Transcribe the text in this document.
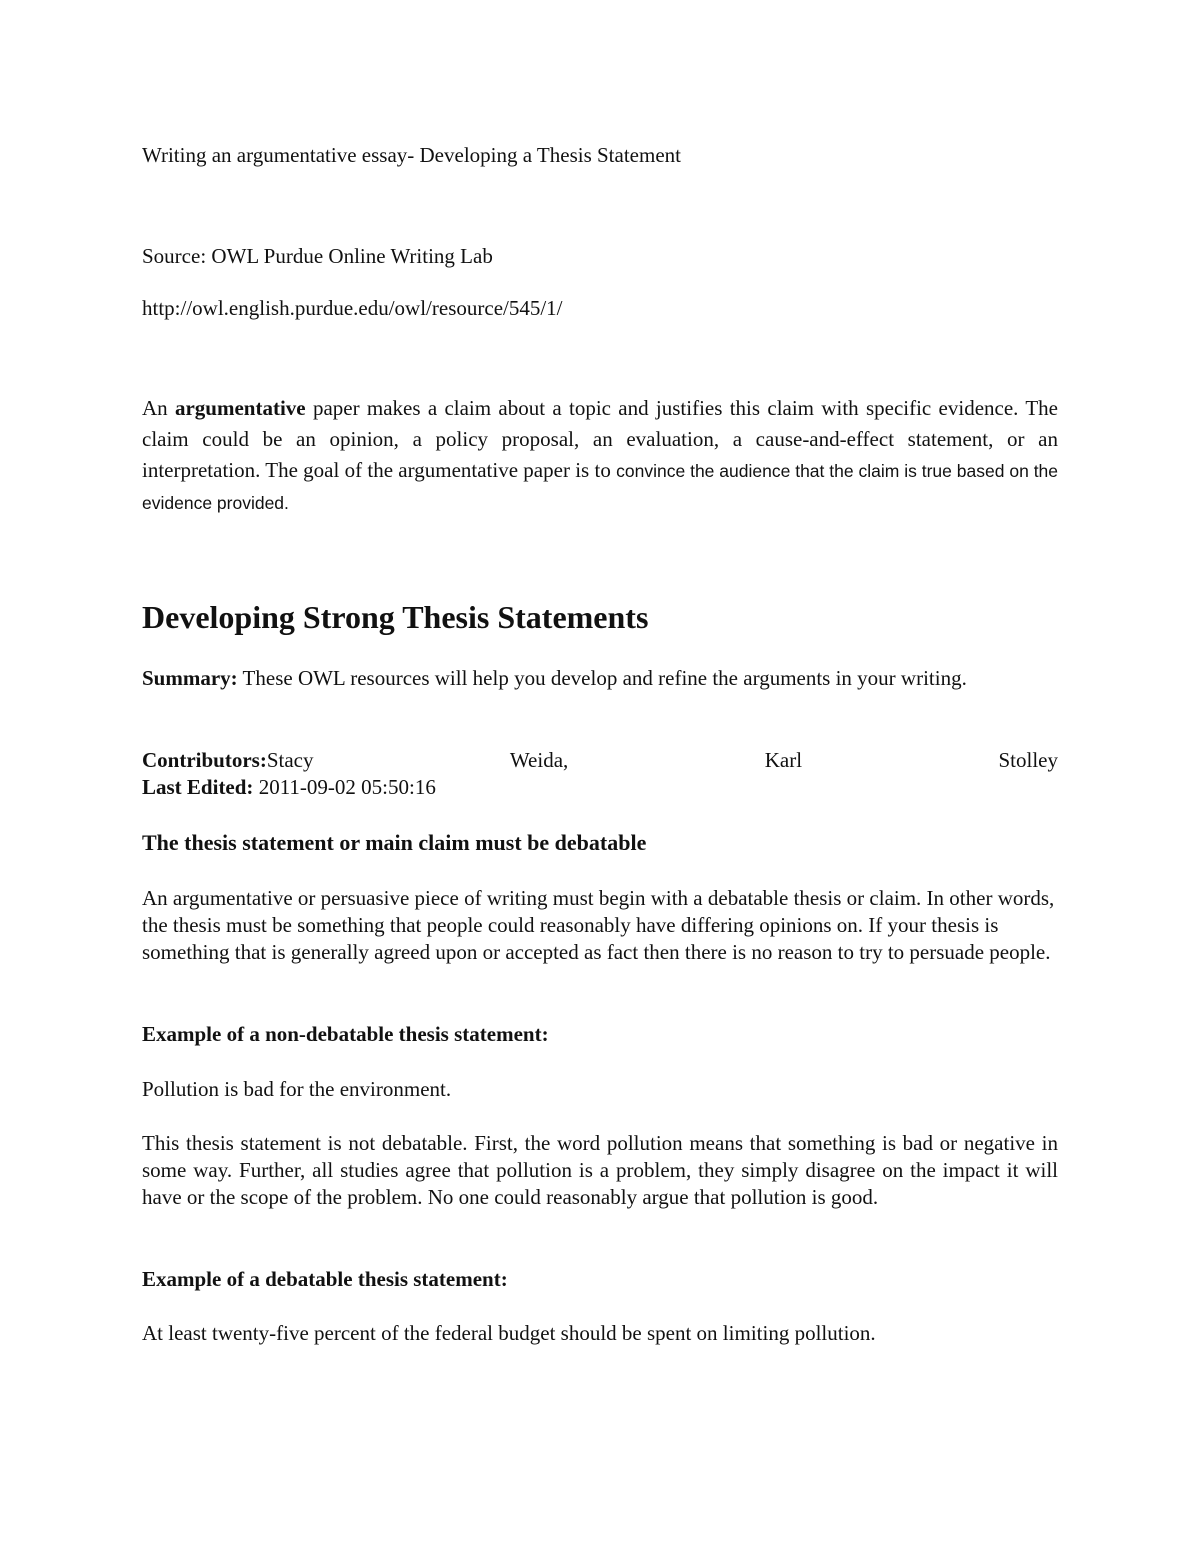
Writing an argumentative essay- Developing a Thesis Statement

Source: OWL Purdue Online Writing Lab

http://owl.english.purdue.edu/owl/resource/545/1/

An argumentative paper makes a claim about a topic and justifies this claim with specific evidence. The claim could be an opinion, a policy proposal, an evaluation, a cause-and-effect statement, or an interpretation. The goal of the argumentative paper is to convince the audience that the claim is true based on the evidence provided.

Developing Strong Thesis Statements

Summary: These OWL resources will help you develop and refine the arguments in your writing.

Contributors:Stacy	Weida,	Karl	Stolley

Last Edited: 2011-09-02 05:50:16

The thesis statement or main claim must be debatable

An argumentative or persuasive piece of writing must begin with a debatable thesis or claim. In other words, the thesis must be something that people could reasonably have differing opinions on. If your thesis is something that is generally agreed upon or accepted as fact then there is no reason to try to persuade people.

Example of a non-debatable thesis statement:

Pollution is bad for the environment.

This thesis statement is not debatable. First, the word pollution means that something is bad or negative in some way. Further, all studies agree that pollution is a problem, they simply disagree on the impact it will have or the scope of the problem. No one could reasonably argue that pollution is good.

Example of a debatable thesis statement:

At least twenty-five percent of the federal budget should be spent on limiting pollution.
